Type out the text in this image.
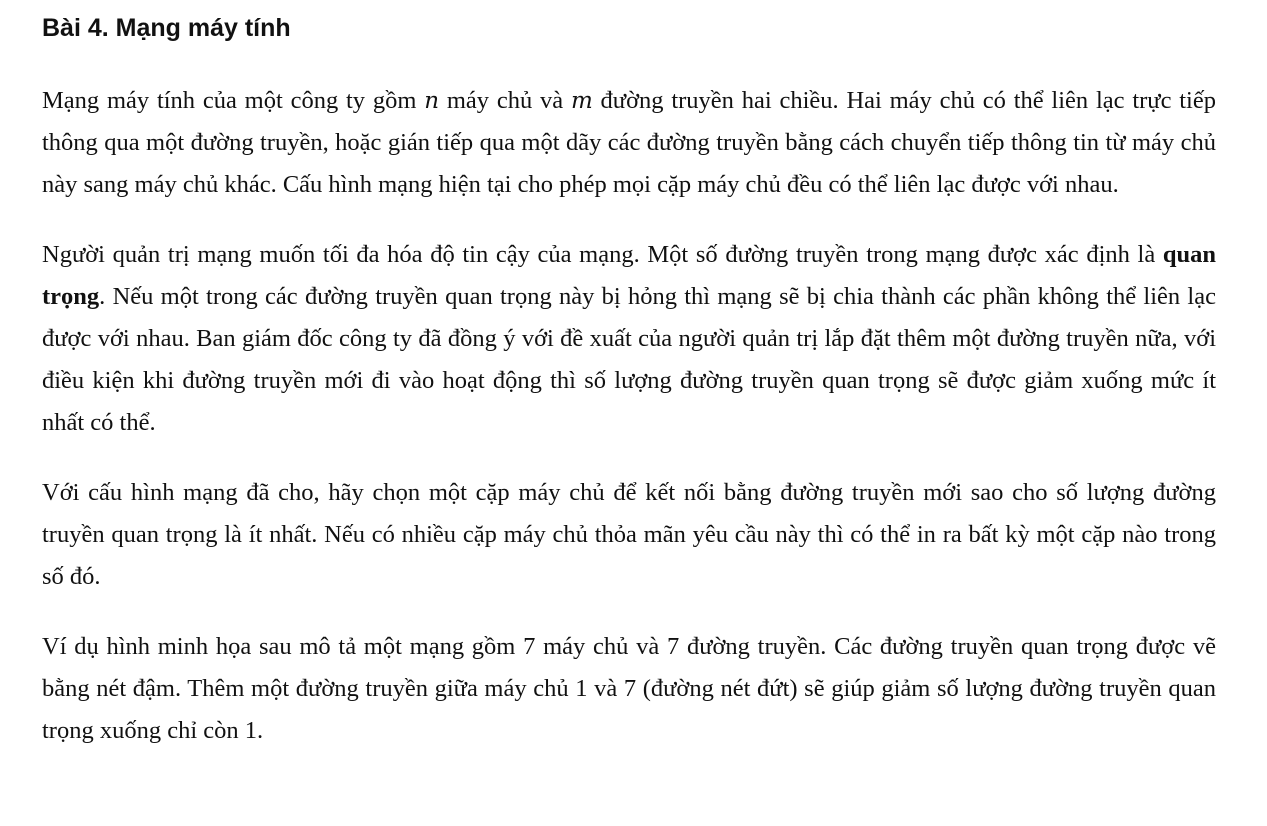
Bài 4. Mạng máy tính

Mạng máy tính của một công ty gồm n máy chủ và m đường truyền hai chiều. Hai máy chủ có thể liên lạc trực tiếp thông qua một đường truyền, hoặc gián tiếp qua một dãy các đường truyền bằng cách chuyển tiếp thông tin từ máy chủ này sang máy chủ khác. Cấu hình mạng hiện tại cho phép mọi cặp máy chủ đều có thể liên lạc được với nhau.

Người quản trị mạng muốn tối đa hóa độ tin cậy của mạng. Một số đường truyền trong mạng được xác định là quan trọng. Nếu một trong các đường truyền quan trọng này bị hỏng thì mạng sẽ bị chia thành các phần không thể liên lạc được với nhau. Ban giám đốc công ty đã đồng ý với đề xuất của người quản trị lắp đặt thêm một đường truyền nữa, với điều kiện khi đường truyền mới đi vào hoạt động thì số lượng đường truyền quan trọng sẽ được giảm xuống mức ít nhất có thể.

Với cấu hình mạng đã cho, hãy chọn một cặp máy chủ để kết nối bằng đường truyền mới sao cho số lượng đường truyền quan trọng là ít nhất. Nếu có nhiều cặp máy chủ thỏa mãn yêu cầu này thì có thể in ra bất kỳ một cặp nào trong số đó.

Ví dụ hình minh họa sau mô tả một mạng gồm 7 máy chủ và 7 đường truyền. Các đường truyền quan trọng được vẽ bằng nét đậm. Thêm một đường truyền giữa máy chủ 1 và 7 (đường nét đứt) sẽ giúp giảm số lượng đường truyền quan trọng xuống chỉ còn 1.
